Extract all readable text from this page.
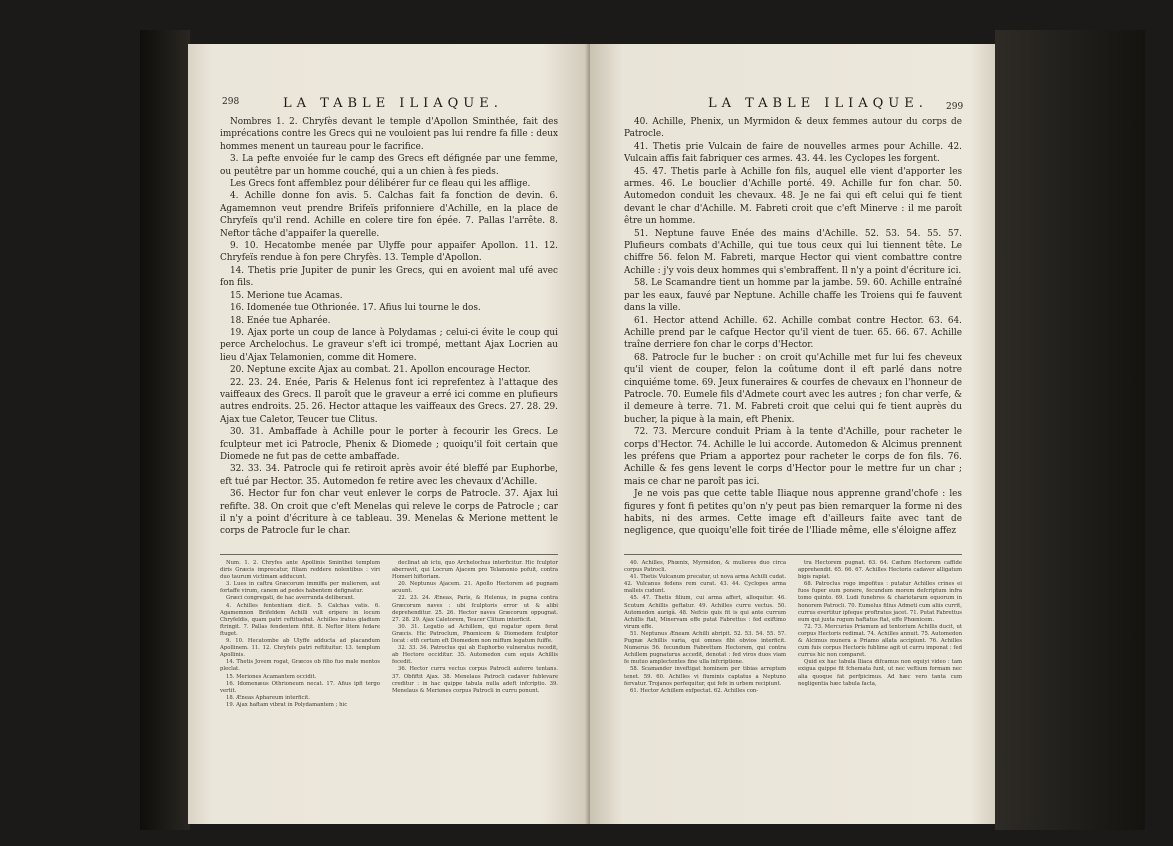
298	LA TABLE ILIAQUE.

Nombres 1. 2. Chryfès devant le temple d'Apollon Sminthée, fait des imprécations contre les Grecs qui ne vouloient pas lui rendre fa fille : deux hommes menent un taureau pour le facrifice.

3. La pefte envoiée fur le camp des Grecs eft défignée par une femme, ou peutêtre par un homme couché, qui a un chien à fes pieds.

Les Grecs font affemblez pour délibérer fur ce fleau qui les afflige.

4. Achille donne fon avis. 5. Calchas fait fa fonction de devin. 6. Agamemnon veut prendre Brifeïs prifonniere d'Achille, en la place de Chryfeïs qu'il rend. Achille en colere tire fon épée. 7. Pallas l'arrête. 8. Neftor tâche d'appaifer la querelle.

9. 10. Hecatombe menée par Ulyffe pour appaifer Apollon. 11. 12. Chryfeïs rendue à fon pere Chryfès. 13. Temple d'Apollon.

14. Thetis prie Jupiter de punir les Grecs, qui en avoient mal ufé avec fon fils.

15. Merione tue Acamas.

16. Idomenée tue Othrionée. 17. Afius lui tourne le dos.

18. Enée tue Apharée.

19. Ajax porte un coup de lance à Polydamas ; celui-ci évite le coup qui perce Archelochus. Le graveur s'eft ici trompé, mettant Ajax Locrien au lieu d'Ajax Telamonien, comme dit Homere.

20. Neptune excite Ajax au combat. 21. Apollon encourage Hector.

22. 23. 24. Enée, Paris & Helenus font ici reprefentez à l'attaque des vaiffeaux des Grecs. Il paroît que le graveur a erré ici comme en plufieurs autres endroits. 25. 26. Hector attaque les vaiffeaux des Grecs. 27. 28. 29. Ajax tue Caletor, Teucer tue Clitus.

30. 31. Ambaffade à Achille pour le porter à fecourir les Grecs. Le fculpteur met ici Patrocle, Phenix & Diomede ; quoiqu'il foit certain que Diomede ne fut pas de cette ambaffade.

32. 33. 34. Patrocle qui fe retiroit après avoir été bleffé par Euphorbe, eft tué par Hector. 35. Automedon fe retire avec les chevaux d'Achille.

36. Hector fur fon char veut enlever le corps de Patrocle. 37. Ajax lui refifte. 38. On croit que c'eft Menelas qui releve le corps de Patrocle ; car il n'y a point d'écriture à ce tableau. 39. Menelas & Merione mettent le corps de Patrocle fur le char.

Num. 1. 2. Chryfes ante Apollinis Sminthei templum diris Græcis imprecatur, filiam reddere nolentibus : viri duo taurum victimam adducunt.

3. Lues in caftra Græcorum immiffa per mulierem, aut fortaffe virum, canem ad pedes habentem defignatur.

Græci congregati, de hac averrunda deliberant.

4. Achilles fententiam dicit. 5. Calchas vatis. 6. Agamemnon Brifeïdem Achilli vult eripere in locum Chryfeïdis, quam patri reftituebat. Achilles iratus gladium ftringit. 7. Pallas fendentem fiftit. 8. Neftor litem fedare ftuget.

9. 10. Hecatombe ab Ulyffe adducta ad placandum Apollinem. 11. 12. Chryfeïs patri reftituitur. 13. templum Apollinis.

14. Thetis Jovem rogat, Græcos ob filio fuo male mentos pleclat.

15. Meriones Acamantem occidit.

16. Idomenæus Othrioneum necat. 17. Afius ipfi tergo vertit.

18. Æneas Aphareum interficit.

19. Ajax haftam vibrat in Polydamantem ; hic

declinat ab ictu, quo Archelochus interficitur. Hic fculptor aberravit, qui Locrum Ajacem pro Telamonio pofuit, contra Homeri hiftoriam.

20. Neptunus Ajacem. 21. Apollo Hectorem ad pugnam acuunt.

22. 23. 24. Æneas, Paris, & Helenus, in pugna contra Græcorum naves : ubi fculptoris error ut & alibi deprehenditur. 25. 26. Hector naves Græcorum oppugnat. 27. 28. 29. Ajax Caletorem, Teucer Clitum interficit.

30. 31. Legatio ad Achillem, qui rogatur opem ferat Græcis. Hic Patroclum, Phœnicem & Diomedem fculptor locat : etfi certum eft Diomedem non miffum legatum fuiffe.

32. 33. 34. Patroclus qui ab Euphorbo vulneratus recedit, ab Hectore occiditur. 35. Automedon cum equis Achillis fecedit.

36. Hector curru vectus corpus Patrocli auferre tentans. 37. Obfiftit Ajax. 38. Menelaus Patrocli cadaver fublevare creditur : in hac quippe tabula nulla adeft infcriptio. 39. Menelaus & Meriones corpus Patrocli in curru ponunt.

LA TABLE ILIAQUE. 299

40. Achille, Phenix, un Myrmidon & deux femmes autour du corps de Patrocle.

41. Thetis prie Vulcain de faire de nouvelles armes pour Achille. 42. Vulcain affis fait fabriquer ces armes. 43. 44. les Cyclopes les forgent.

45. 47. Thetis parle à Achille fon fils, auquel elle vient d'apporter les armes. 46. Le bouclier d'Achille porté. 49. Achille fur fon char. 50. Automedon conduit les chevaux. 48. Je ne fai qui eft celui qui fe tient devant le char d'Achille. M. Fabreti croit que c'eft Minerve : il me paroît être un homme.

51. Neptune fauve Enée des mains d'Achille. 52. 53. 54. 55. 57. Plufieurs combats d'Achille, qui tue tous ceux qui lui tiennent tête. Le chiffre 56. felon M. Fabreti, marque Hector qui vient combattre contre Achille : j'y vois deux hommes qui s'embraffent. Il n'y a point d'écriture ici.

58. Le Scamandre tient un homme par la jambe. 59. 60. Achille entraîné par les eaux, fauvé par Neptune. Achille chaffe les Troiens qui fe fauvent dans la ville.

61. Hector attend Achille. 62. Achille combat contre Hector. 63. 64. Achille prend par le cafque Hector qu'il vient de tuer. 65. 66. 67. Achille traîne derriere fon char le corps d'Hector.

68. Patrocle fur le bucher : on croit qu'Achille met fur lui fes cheveux qu'il vient de couper, felon la coûtume dont il eft parlé dans notre cinquiéme tome. 69. Jeux funeraires & courfes de chevaux en l'honneur de Patrocle. 70. Eumele fils d'Admete court avec les autres ; fon char verfe, & il demeure à terre. 71. M. Fabreti croit que celui qui fe tient auprès du bucher, la pique à la main, eft Phenix.

72. 73. Mercure conduit Priam à la tente d'Achille, pour racheter le corps d'Hector. 74. Achille le lui accorde. Automedon & Alcimus prennent les préfens que Priam a apportez pour racheter le corps de fon fils. 76. Achille & fes gens levent le corps d'Hector pour le mettre fur un char ; mais ce char ne paroît pas ici.

Je ne vois pas que cette table Iliaque nous apprenne grand'chofe : les figures y font fi petites qu'on n'y peut pas bien remarquer la forme ni des habits, ni des armes. Cette image eft d'ailleurs faite avec tant de negligence, que quoiqu'elle foit tirée de l'Iliade même, elle s'éloigne affez

40. Achilles, Phœnix, Myrmidon, & mulieres duo circa corpus Patrocli.

41. Thetis Vulcanum precatur, ut nova arma Achilli cudat. 42. Vulcanus fedens rem curat. 43. 44. Cyclopes arma malleis cudunt.

45. 47. Thetis filium, cui arma affert, alloquitur. 46. Scutum Achillis geftatur. 49. Achilles curru vectus. 50. Automedon aurigâ. 48. Nefcio quis fit is qui ante currum Achillis ftat, Minervam effe putat Fabrettus : fed exiftimo virum effe.

51. Neptunus Æneam Achilli abripit. 52. 53. 54. 55. 57. Pugnæ Achillis varia, qui omnes fibi obvios interficit. Numerus 56. fecundum Fabrettum Hectorem, qui contra Achillem pugnaturus accedit, denotat : fed viros duos viam fe mutuo amplectentes fine ulla infcriptione.

58. Scamander inveftigat hominem per tibias arreptum tenet. 59. 60. Achilles vi fluminis captatus a Neptuno fervatur. Trojanos perfequitur, qui fefe in urbem recipiunt.

61. Hector Achillem exfpectat. 62. Achilles con-

tra Hectorem pugnat. 63. 64. Cæfum Hectorem caffide apprehendit. 65. 66. 67. Achilles Hectoris cadaver alligatum bigis rapiat.

68. Patroclus rogo impofitus : putatur Achilles crines ei fuos fuper eum ponere, fecundum morem defcriptum infra tomo quinto. 69. Ludi funebres & chariotarum equorum in honorem Patrocli. 70. Eumelus filius Admeti cum aliis currit, currus evertitur ipfeque proftratus jacet. 71. Putat Fabrettus eum qui juxta rogum haftatus ftat, effe Phœnicem.

72. 73. Mercurius Priamum ad tentorium Achillis ducit, ut corpus Hectoris redimat. 74. Achilles annuit. 75. Automedon & Alcimus munera a Priamo allata accipiunt. 76. Achilles cum fuis corpus Hectoris fublime agit ut curru imponat : fed currus hic non comparet.

Quid ex hac tabula Iliaca difcamus non equiyi video : tam exigua quippe fit fchemata funt, ut nec veftium formam nec alia quoque fat perfpicimus. Ad hæc vero tanta cum negligentia hæc tabula facta,
